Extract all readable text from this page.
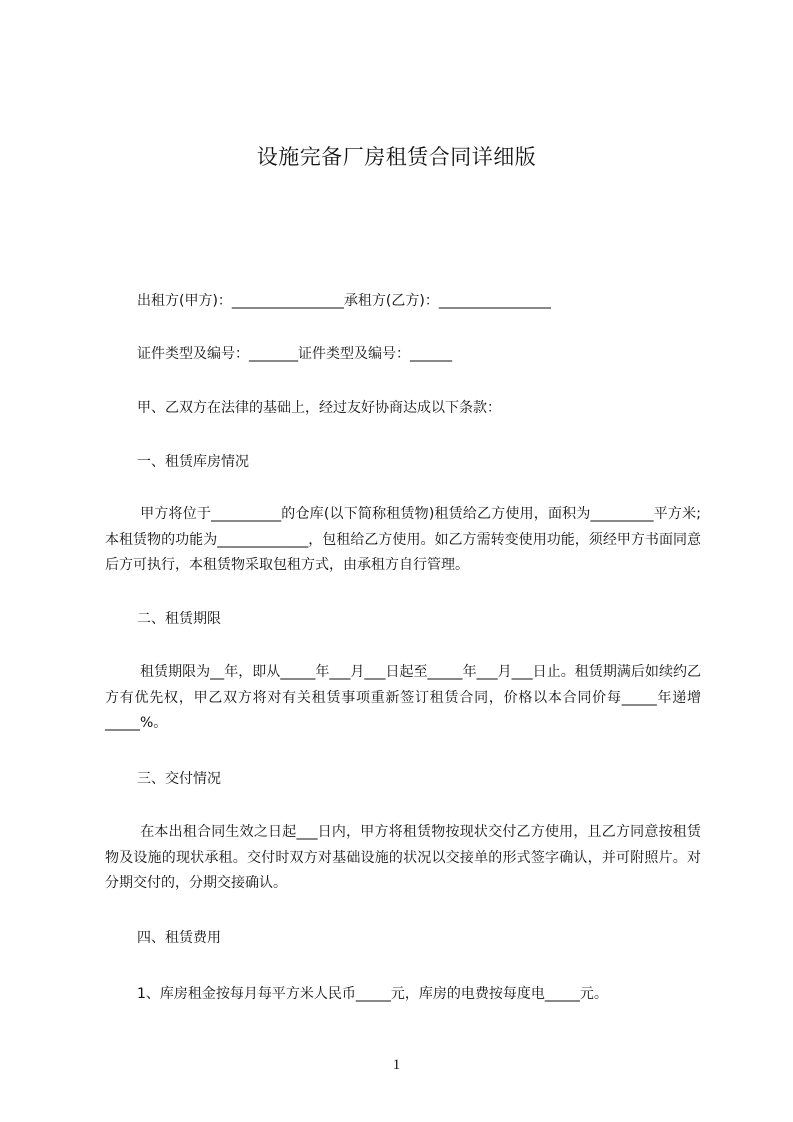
设施完备厂房租赁合同详细版
出租方(甲方)：________________承租方(乙方)：________________
证件类型及编号：_______证件类型及编号：______
甲、乙双方在法律的基础上，经过友好协商达成以下条款：
一、租赁库房情况
甲方将位于__________的仓库(以下简称租赁物)租赁给乙方使用，面积为_________平方米;本租赁物的功能为_____________，包租给乙方使用。如乙方需转变使用功能，须经甲方书面同意后方可执行，本租赁物采取包租方式，由承租方自行管理。
二、租赁期限
租赁期限为__年，即从_____年___月___日起至_____年___月___日止。租赁期满后如续约乙方有优先权，甲乙双方将对有关租赁事项重新签订租赁合同，价格以本合同价每_____年递增_____%。
三、交付情况
在本出租合同生效之日起___日内，甲方将租赁物按现状交付乙方使用，且乙方同意按租赁物及设施的现状承租。交付时双方对基础设施的状况以交接单的形式签字确认，并可附照片。对分期交付的，分期交接确认。
四、租赁费用
1、库房租金按每月每平方米人民币_____元，库房的电费按每度电_____元。
1
